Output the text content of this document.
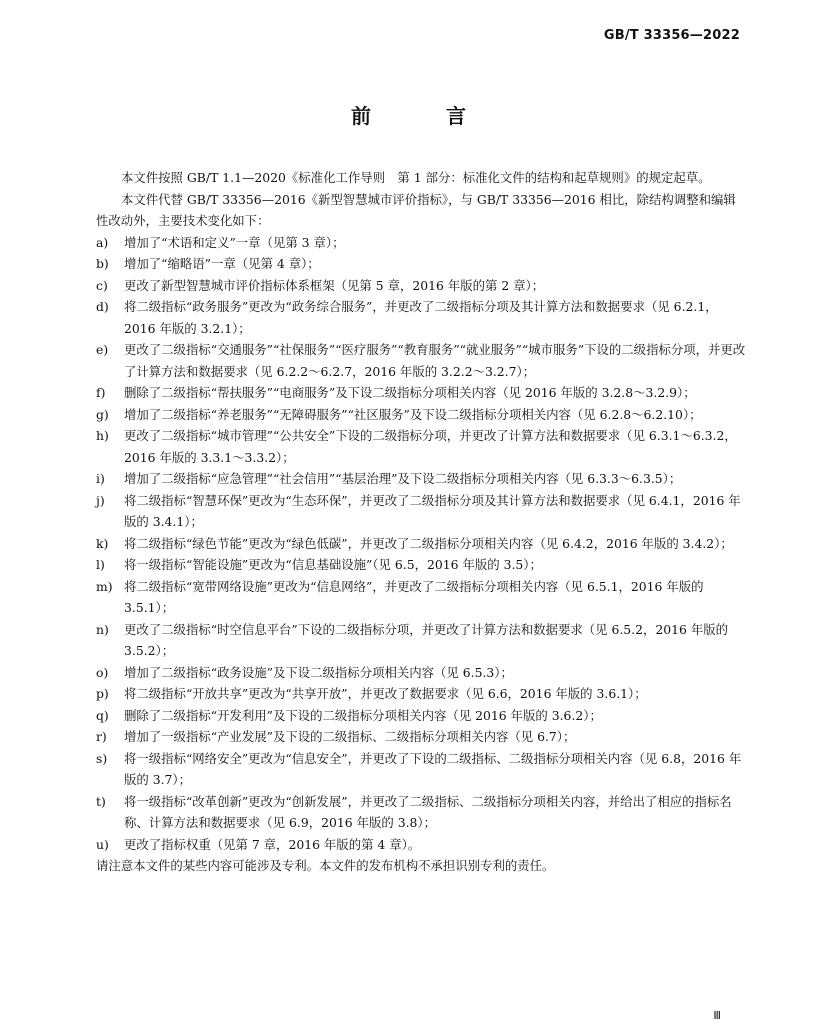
GB/T 33356—2022
前 言

本文件按照 GB/T 1.1—2020《标准化工作导则　第 1 部分：标准化文件的结构和起草规则》的规定起草。

本文件代替 GB/T 33356—2016《新型智慧城市评价指标》，与 GB/T 33356—2016 相比，除结构调整和编辑性改动外，主要技术变化如下：

a)	增加了“术语和定义”一章（见第 3 章）；
b)	增加了“缩略语”一章（见第 4 章）；
c)	更改了新型智慧城市评价指标体系框架（见第 5 章，2016 年版的第 2 章）；
d)	将二级指标“政务服务”更改为“政务综合服务”，并更改了二级指标分项及其计算方法和数据要求（见 6.2.1，2016 年版的 3.2.1）；
e)	更改了二级指标“交通服务”“社保服务”“医疗服务”“教育服务”“就业服务”“城市服务”下设的二级指标分项，并更改了计算方法和数据要求（见 6.2.2～6.2.7，2016 年版的 3.2.2～3.2.7）；
f)	删除了二级指标“帮扶服务”“电商服务”及下设二级指标分项相关内容（见 2016 年版的 3.2.8～3.2.9）；
g)	增加了二级指标“养老服务”“无障碍服务”“社区服务”及下设二级指标分项相关内容（见 6.2.8～6.2.10）；
h)	更改了二级指标“城市管理”“公共安全”下设的二级指标分项，并更改了计算方法和数据要求（见 6.3.1～6.3.2，2016 年版的 3.3.1～3.3.2）；
i)	增加了二级指标“应急管理”“社会信用”“基层治理”及下设二级指标分项相关内容（见 6.3.3～6.3.5）；
j)	将二级指标“智慧环保”更改为“生态环保”，并更改了二级指标分项及其计算方法和数据要求（见 6.4.1，2016 年版的 3.4.1）；
k)	将二级指标“绿色节能”更改为“绿色低碳”，并更改了二级指标分项相关内容（见 6.4.2，2016 年版的 3.4.2）；
l)	将一级指标“智能设施”更改为“信息基础设施”（见 6.5，2016 年版的 3.5）；
m) 将二级指标“宽带网络设施”更改为“信息网络”，并更改了二级指标分项相关内容（见 6.5.1，2016 年版的 3.5.1）；
n)	更改了二级指标“时空信息平台”下设的二级指标分项，并更改了计算方法和数据要求（见 6.5.2，2016 年版的 3.5.2）；
o)	增加了二级指标“政务设施”及下设二级指标分项相关内容（见 6.5.3）；
p)	将二级指标“开放共享”更改为“共享开放”，并更改了数据要求（见 6.6，2016 年版的 3.6.1）；
q)	删除了二级指标“开发利用”及下设的二级指标分项相关内容（见 2016 年版的 3.6.2）；
r)	增加了一级指标“产业发展”及下设的二级指标、二级指标分项相关内容（见 6.7）；
s)	将一级指标“网络安全”更改为“信息安全”，并更改了下设的二级指标、二级指标分项相关内容（见 6.8，2016 年版的 3.7）；
t)	将一级指标“改革创新”更改为“创新发展”，并更改了二级指标、二级指标分项相关内容，并给出了相应的指标名称、计算方法和数据要求（见 6.9，2016 年版的 3.8）；
u)	更改了指标权重（见第 7 章，2016 年版的第 4 章）。

请注意本文件的某些内容可能涉及专利。本文件的发布机构不承担识别专利的责任。

Ⅲ
